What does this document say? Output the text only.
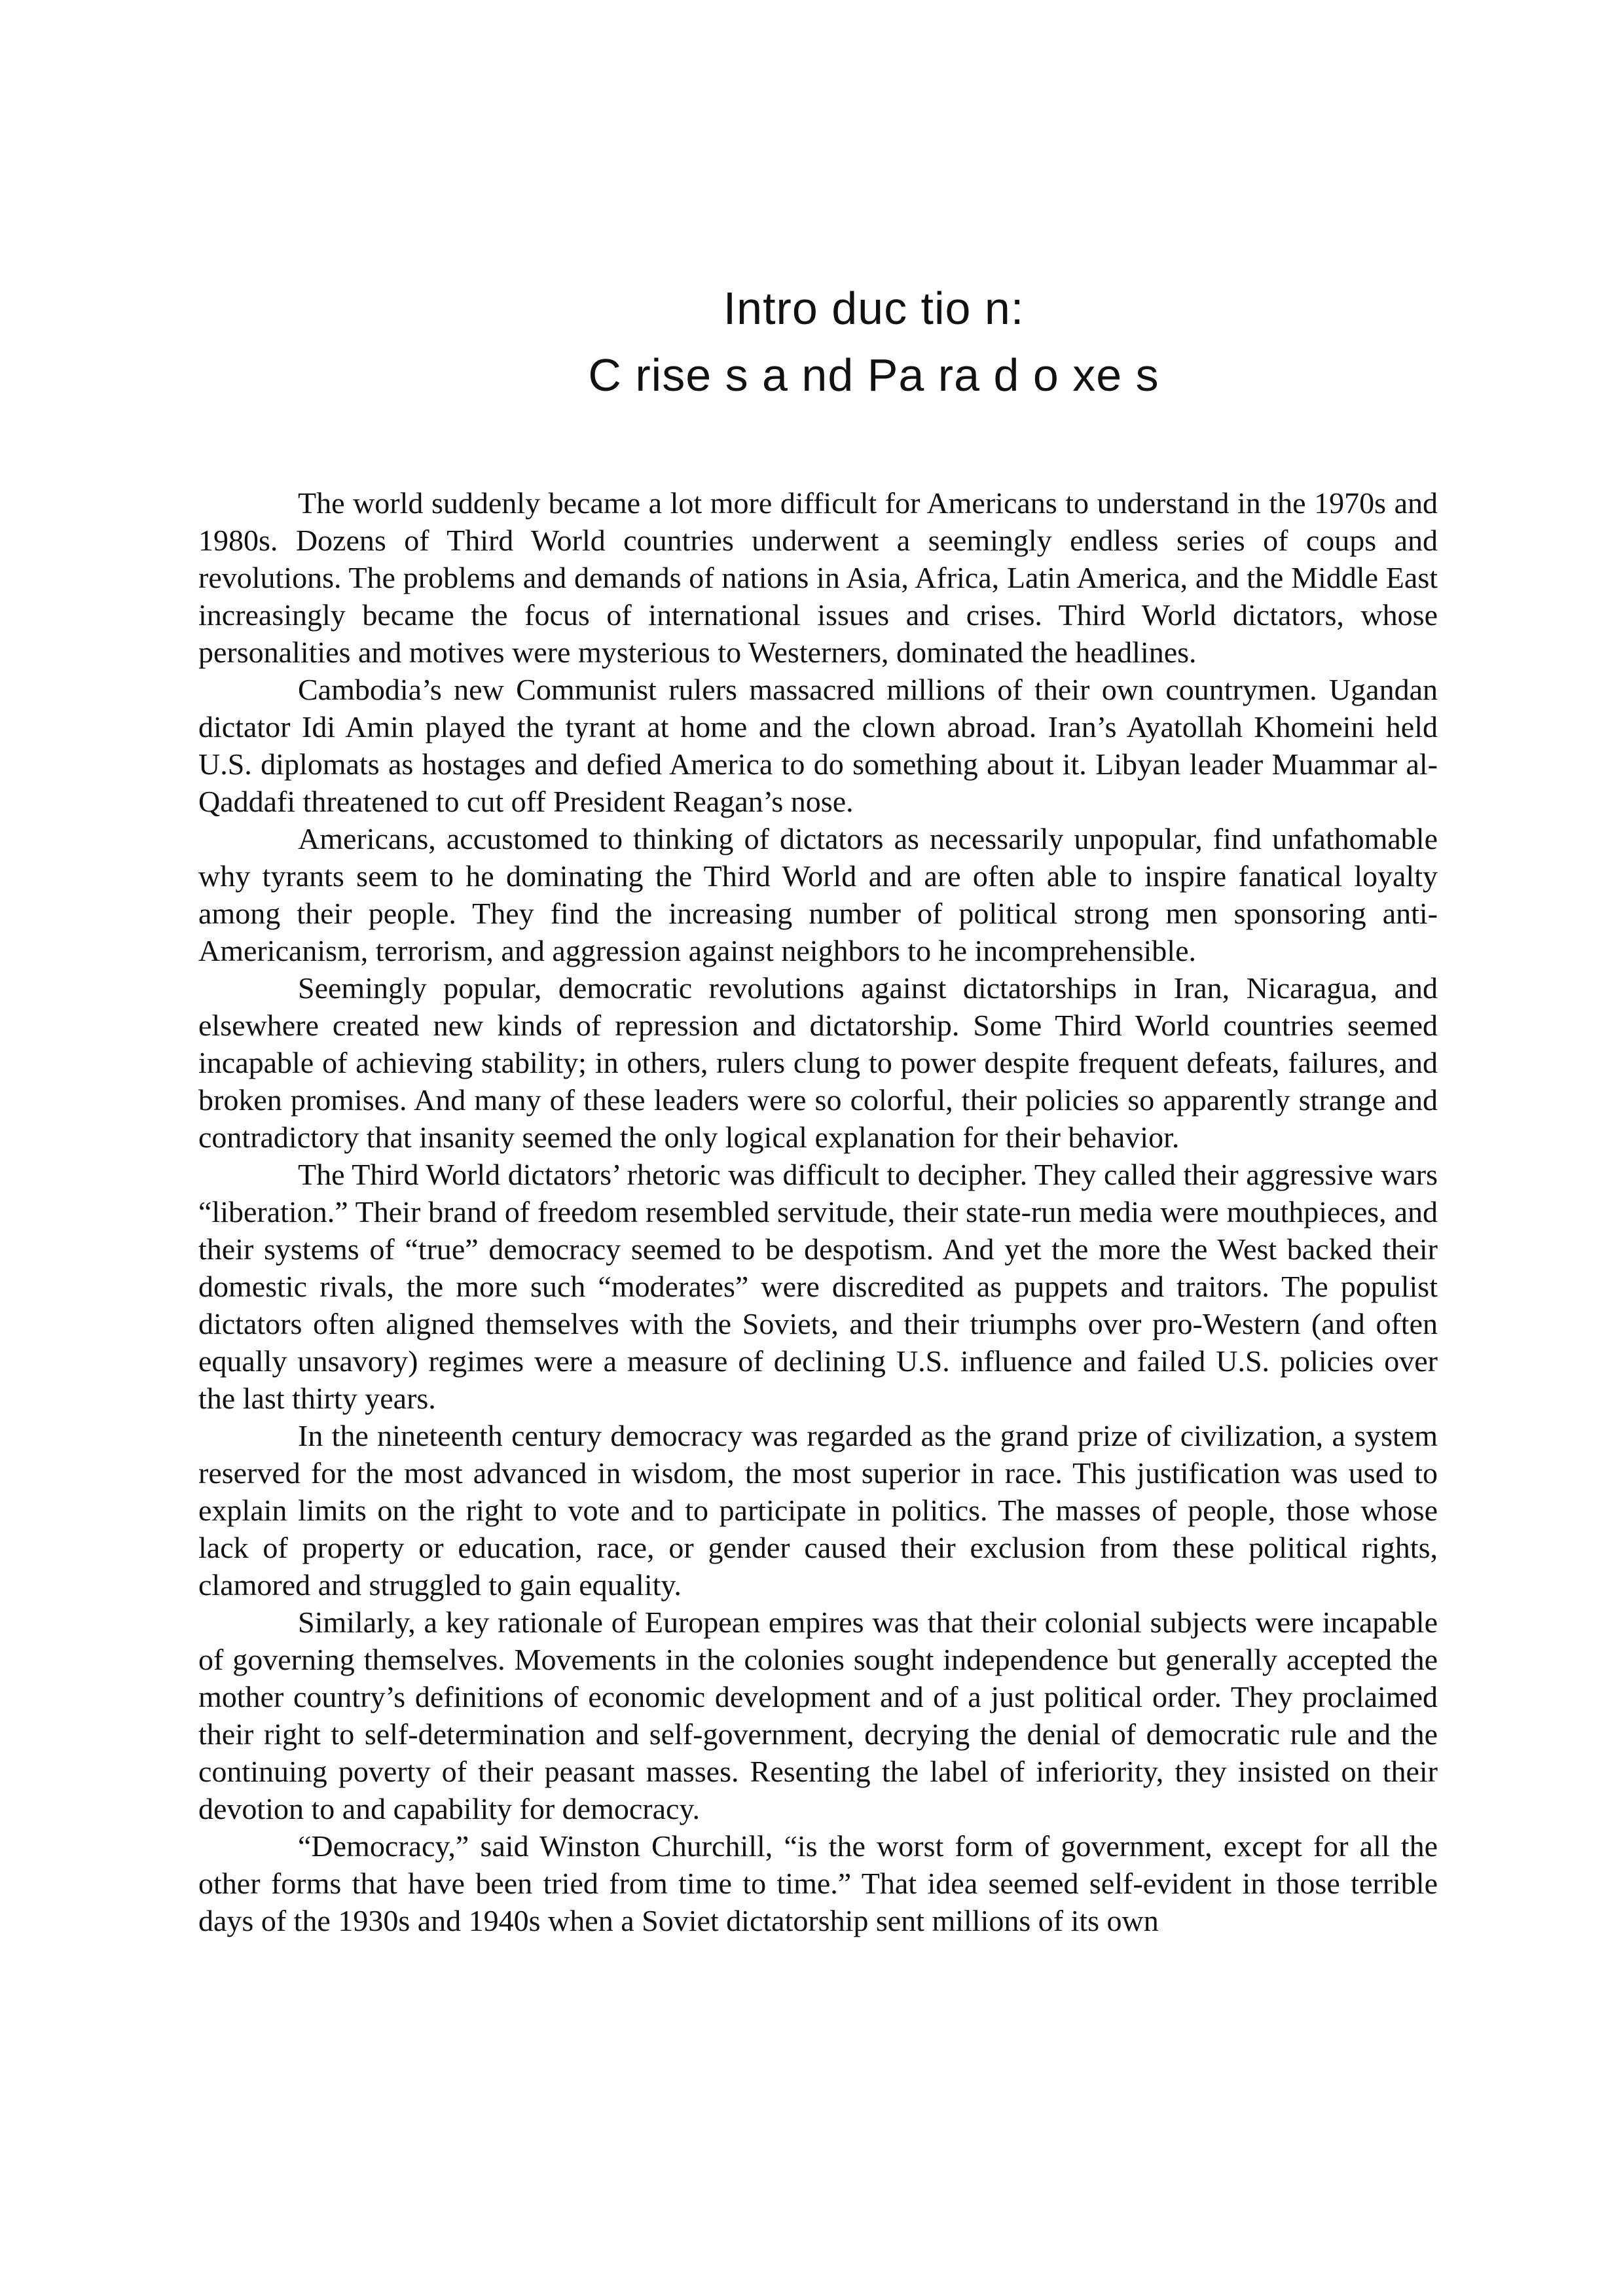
Intro duc tio n:
C rise s a nd Pa ra d o xe s

The world suddenly became a lot more difficult for Americans to understand in the 1970s and 1980s. Dozens of Third World countries underwent a seemingly endless series of coups and revolutions. The problems and demands of nations in Asia, Africa, Latin America, and the Middle East increasingly became the focus of international issues and crises. Third World dictators, whose personalities and motives were mysterious to Westerners, dominated the headlines.

Cambodia’s new Communist rulers massacred millions of their own countrymen. Ugandan dictator Idi Amin played the tyrant at home and the clown abroad. Iran’s Ayatollah Khomeini held U.S. diplomats as hostages and defied America to do something about it. Libyan leader Muammar al-Qaddafi threatened to cut off President Reagan’s nose.

Americans, accustomed to thinking of dictators as necessarily unpopular, find unfathomable why tyrants seem to he dominating the Third World and are often able to inspire fanatical loyalty among their people. They find the increasing number of political strong men sponsoring anti-Americanism, terrorism, and aggression against neighbors to he incomprehensible.

Seemingly popular, democratic revolutions against dictatorships in Iran, Nicaragua, and elsewhere created new kinds of repression and dictatorship. Some Third World countries seemed incapable of achieving stability; in others, rulers clung to power despite frequent defeats, failures, and broken promises. And many of these leaders were so colorful, their policies so apparently strange and contradictory that insanity seemed the only logical explanation for their behavior.

The Third World dictators’ rhetoric was difficult to decipher. They called their aggressive wars “liberation.” Their brand of freedom resembled servitude, their state-run media were mouthpieces, and their systems of “true” democracy seemed to be despotism. And yet the more the West backed their domestic rivals, the more such “moderates” were discredited as puppets and traitors. The populist dictators often aligned themselves with the Soviets, and their triumphs over pro-Western (and often equally unsavory) regimes were a measure of declining U.S. influence and failed U.S. policies over the last thirty years.

In the nineteenth century democracy was regarded as the grand prize of civilization, a system reserved for the most advanced in wisdom, the most superior in race. This justification was used to explain limits on the right to vote and to participate in politics. The masses of people, those whose lack of property or education, race, or gender caused their exclusion from these political rights, clamored and struggled to gain equality.

Similarly, a key rationale of European empires was that their colonial subjects were incapable of governing themselves. Movements in the colonies sought independence but generally accepted the mother country’s definitions of economic development and of a just political order. They proclaimed their right to self-determination and self-government, decrying the denial of democratic rule and the continuing poverty of their peasant masses. Resenting the label of inferiority, they insisted on their devotion to and capability for democracy.

“Democracy,” said Winston Churchill, “is the worst form of government, except for all the other forms that have been tried from time to time.” That idea seemed self-evident in those terrible days of the 1930s and 1940s when a Soviet dictatorship sent millions of its own
